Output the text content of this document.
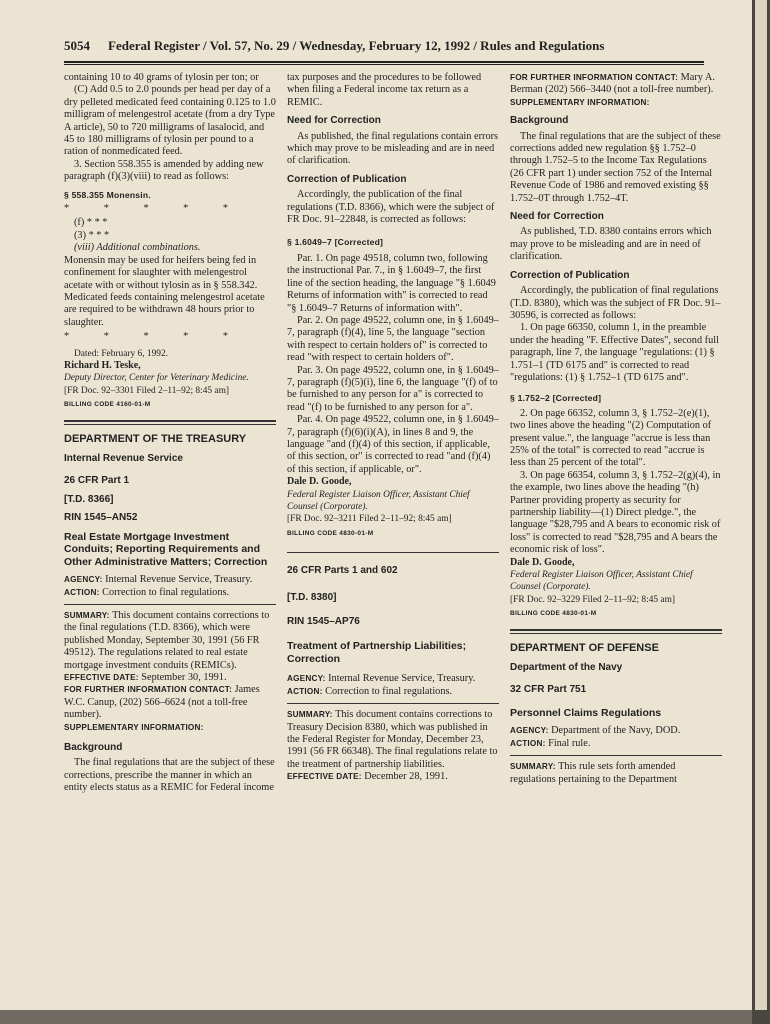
5054 Federal Register / Vol. 57, No. 29 / Wednesday, February 12, 1992 / Rules and Regulations

containing 10 to 40 grams of tylosin per ton; or

(C) Add 0.5 to 2.0 pounds per head per day of a dry pelleted medicated feed containing 0.125 to 1.0 milligram of melengestrol acetate (from a dry Type A article), 50 to 720 milligrams of lasalocid, and 45 to 180 milligrams of tylosin per pound to a ration of nonmedicated feed.

3. Section 558.355 is amended by adding new paragraph (f)(3)(viii) to read as follows:

§ 558.355 Monensin.

* * * * *

(f) * * *

(3) * * *

(viii) Additional combinations.

Monensin may be used for heifers being fed in confinement for slaughter with melengestrol acetate with or without tylosin as in § 558.342. Medicated feeds containing melengestrol acetate are required to be withdrawn 48 hours prior to slaughter.

* * * * *

Dated: February 6, 1992.

Richard H. Teske,

Deputy Director, Center for Veterinary Medicine.

[FR Doc. 92–3301 Filed 2–11–92; 8:45 am]

BILLING CODE 4160-01-M

DEPARTMENT OF THE TREASURY

Internal Revenue Service

26 CFR Part 1

[T.D. 8366]

RIN 1545–AN52

Real Estate Mortgage Investment Conduits; Reporting Requirements and Other Administrative Matters; Correction

AGENCY: Internal Revenue Service, Treasury.

ACTION: Correction to final regulations.

SUMMARY: This document contains corrections to the final regulations (T.D. 8366), which were published Monday, September 30, 1991 (56 FR 49512). The regulations related to real estate mortgage investment conduits (REMICs).

EFFECTIVE DATE: September 30, 1991.

FOR FURTHER INFORMATION CONTACT: James W.C. Canup, (202) 566–6624 (not a toll-free number).

SUPPLEMENTARY INFORMATION:

Background

The final regulations that are the subject of these corrections, prescribe the manner in which an entity elects status as a REMIC for Federal income

tax purposes and the procedures to be followed when filing a Federal income tax return as a REMIC.

Need for Correction

As published, the final regulations contain errors which may prove to be misleading and are in need of clarification.

Correction of Publication

Accordingly, the publication of the final regulations (T.D. 8366), which were the subject of FR Doc. 91–22848, is corrected as follows:

§ 1.6049–7 [Corrected]

Par. 1. On page 49518, column two, following the instructional Par. 7., in § 1.6049–7, the first line of the section heading, the language "§ 1.6049 Returns of information with" is corrected to read "§ 1.6049–7 Returns of information with".

Par. 2. On page 49522, column one, in § 1.6049–7, paragraph (f)(4), line 5, the language "section with respect to certain holders of" is corrected to read "with respect to certain holders of".

Par. 3. On page 49522, column one, in § 1.6049–7, paragraph (f)(5)(i), line 6, the language "(f) of to be furnished to any person for a" is corrected to read "(f) to be furnished to any person for a".

Par. 4. On page 49522, column one, in § 1.6049–7, paragraph (f)(6)(i)(A), in lines 8 and 9, the language "and (f)(4) of this section, if applicable, of this section, or" is corrected to read "and (f)(4) of this section, if applicable, or".

Dale D. Goode,

Federal Register Liaison Officer, Assistant Chief Counsel (Corporate).

[FR Doc. 92–3211 Filed 2–11–92; 8:45 am]

BILLING CODE 4830-01-M

26 CFR Parts 1 and 602

[T.D. 8380]

RIN 1545–AP76

Treatment of Partnership Liabilities; Correction

AGENCY: Internal Revenue Service, Treasury.

ACTION: Correction to final regulations.

SUMMARY: This document contains corrections to Treasury Decision 8380, which was published in the Federal Register for Monday, December 23, 1991 (56 FR 66348). The final regulations relate to the treatment of partnership liabilities.

EFFECTIVE DATE: December 28, 1991.

FOR FURTHER INFORMATION CONTACT: Mary A. Berman (202) 566–3440 (not a toll-free number).

SUPPLEMENTARY INFORMATION:

Background

The final regulations that are the subject of these corrections added new regulation §§ 1.752–0 through 1.752–5 to the Income Tax Regulations (26 CFR part 1) under section 752 of the Internal Revenue Code of 1986 and removed existing §§ 1.752–0T through 1.752–4T.

Need for Correction

As published, T.D. 8380 contains errors which may prove to be misleading and are in need of clarification.

Correction of Publication

Accordingly, the publication of final regulations (T.D. 8380), which was the subject of FR Doc. 91–30596, is corrected as follows:

1. On page 66350, column 1, in the preamble under the heading "F. Effective Dates", second full paragraph, line 7, the language "regulations: (1) § 1.751–1 (TD 6175 and" is corrected to read "regulations: (1) § 1.752–1 (TD 6175 and".

§ 1.752–2 [Corrected]

2. On page 66352, column 3, § 1.752–2(e)(1), two lines above the heading "(2) Computation of present value.", the language "accrue is less than 25% of the total" is corrected to read "accrue is less than 25 percent of the total".

3. On page 66354, column 3, § 1.752–2(g)(4), in the example, two lines above the heading "(h) Partner providing property as security for partnership liability—(1) Direct pledge.", the language "$28,795 and A bears to economic risk of loss" is corrected to read "$28,795 and A bears the economic risk of loss".

Dale D. Goode,

Federal Register Liaison Officer, Assistant Chief Counsel (Corporate).

[FR Doc. 92–3229 Filed 2–11–92; 8:45 am]

BILLING CODE 4830-01-M

DEPARTMENT OF DEFENSE

Department of the Navy

32 CFR Part 751

Personnel Claims Regulations

AGENCY: Department of the Navy, DOD.

ACTION: Final rule.

SUMMARY: This rule sets forth amended regulations pertaining to the Department
